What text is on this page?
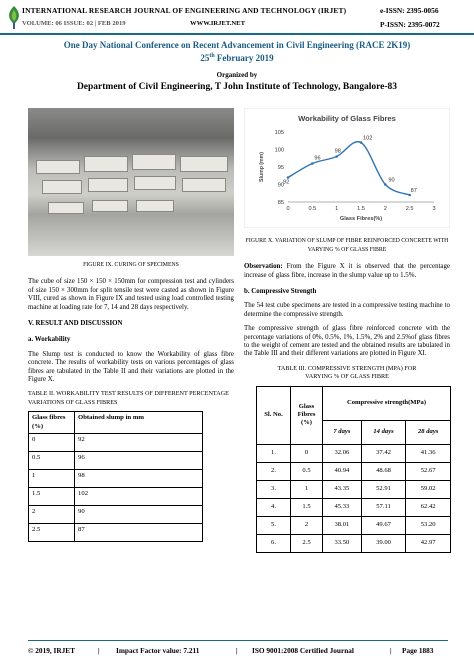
INTERNATIONAL RESEARCH JOURNAL OF ENGINEERING AND TECHNOLOGY (IRJET)	e-ISSN: 2395-0056
VOLUME: 06 ISSUE: 02 | FEB 2019	WWW.IRJET.NET	P-ISSN: 2395-0072
One Day National Conference on Recent Advancement in Civil Engineering (RACE 2K19)
25th February 2019
Organized by
Department of Civil Engineering, T John Institute of Technology, Bangalore-83
FIGURE IX. CURING OF SPECIMENS

The cube of size 150 × 150 × 150mm for compression test and cylinders of size 150 × 300mm for split tensile test were casted as shown in Figure VIII, cured as shown in Figure IX and tested using load controlled testing machine at loading rate for 7, 14 and 28 days respectively.

V. RESULT AND DISCUSSION
a. Workability

The Slump test is conducted to know the Workability of glass fibre concrete. The results of workability tests on various percentages of glass fibres are tabulated in the Table II and their variations are plotted in the Figure X.

TABLE II. WORKABILITY TEST RESULTS OF DIFFERENT PERCENTAGE VARIATIONS OF GLASS FIBRES
Glass fibres (%)	Obtained slump in mm
0	92
0.5	96
1	98
1.5	102
2	90
2.5	87
Workability of Glass Fibres
85
90
95
100
105
0	0.5	1	1.5	2	2.5	3
Slump (mm)
Glass Fibres(%)
92
96
98
102
90
87
FIGURE X. VARIATION OF SLUMP OF FIBRE REINFORCED CONCRETE WITH VARYING % OF GLASS FIBRE

Observation: From the Figure X it is observed that the percentage increase of glass fibre, increase in the slump value up to 1.5%.

b. Compressive Strength

The 54 test cube specimens are tested in a compressive testing machine to determine the compressive strength.

The compressive strength of glass fibre reinforced concrete with the percentage variations of 0%, 0.5%, 1%, 1.5%, 2% and 2.5%of glass fibres to the weight of cement are tested and the obtained results are tabulated in the Table III and their different variations are plotted in Figure XI.

TABLE III. COMPRESSIVE STRENGTH (MPA) FOR
VARYING % OF GLASS FIBRE
Sl. No.	Glass Fibres (%)	Compressive strength(MPa)		
		7 days	14 days	28 days
1.	0	32.06	37.42	41.36
2.	0.5	40.94	48.68	52.67
3.	1	43.35	52.91	59.02
4.	1.5	45.33	57.11	62.42
5.	2	38.01	49.67	53.20
6.	2.5	33.50	39.00	42.97
© 2019, IRJET	| Impact Factor value: 7.211	| ISO 9001:2008 Certified Journal	| Page 1883
